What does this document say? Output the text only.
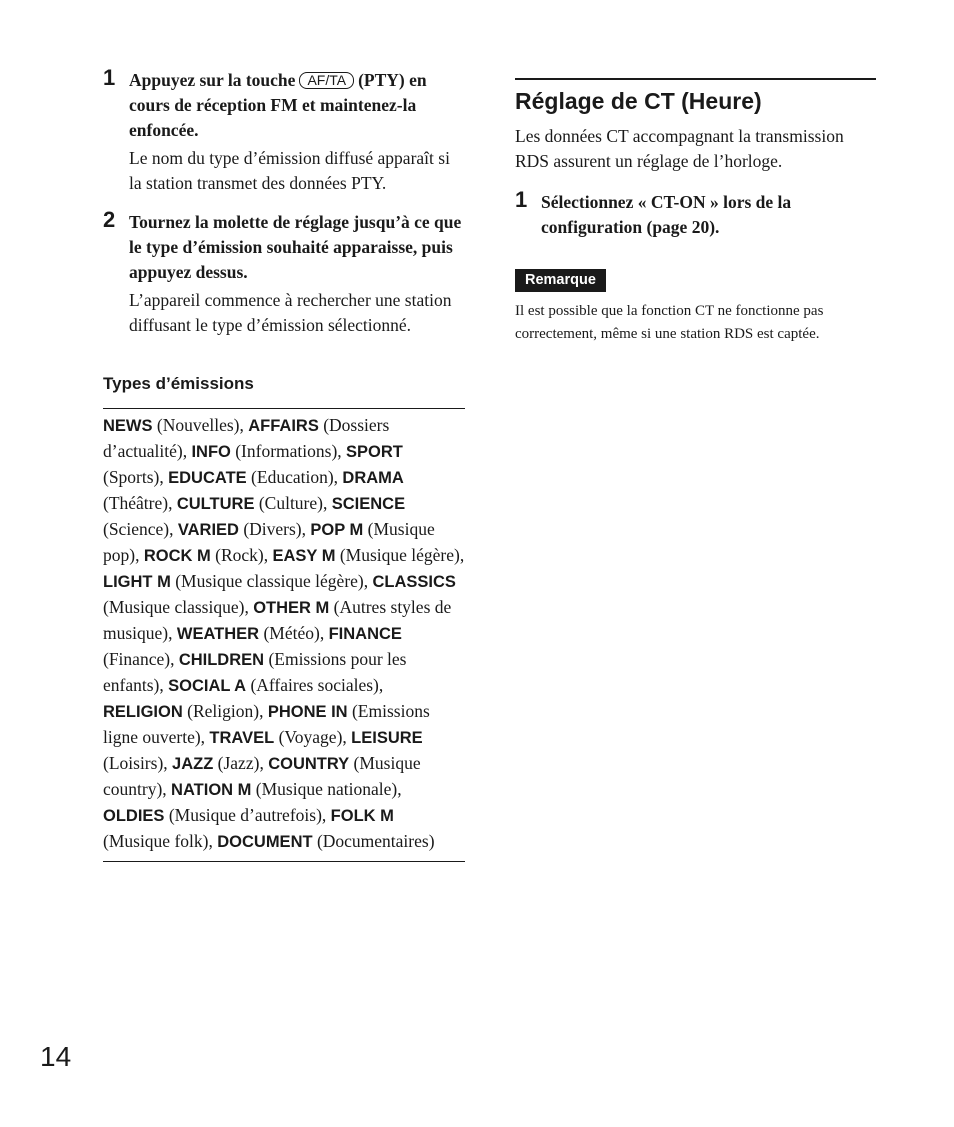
1 Appuyez sur la touche AF/TA (PTY) en cours de réception FM et maintenez-la enfoncée.

Le nom du type d’émission diffusé apparaît si la station transmet des données PTY.

2 Tournez la molette de réglage jusqu’à ce que le type d’émission souhaité apparaisse, puis appuyez dessus.

L’appareil commence à rechercher une station diffusant le type d’émission sélectionné.

Types d’émissions
NEWS (Nouvelles), AFFAIRS (Dossiers d’actualité), INFO (Informations), SPORT (Sports), EDUCATE (Education), DRAMA (Théâtre), CULTURE (Culture), SCIENCE (Science), VARIED (Divers), POP M (Musique pop), ROCK M (Rock), EASY M (Musique légère), LIGHT M (Musique classique légère), CLASSICS (Musique classique), OTHER M (Autres styles de musique), WEATHER (Météo), FINANCE (Finance), CHILDREN (Emissions pour les enfants), SOCIAL A (Affaires sociales), RELIGION (Religion), PHONE IN (Emissions ligne ouverte), TRAVEL (Voyage), LEISURE (Loisirs), JAZZ (Jazz), COUNTRY (Musique country), NATION M (Musique nationale), OLDIES (Musique d’autrefois), FOLK M (Musique folk), DOCUMENT (Documentaires)
Réglage de CT (Heure)

Les données CT accompagnant la transmission RDS assurent un réglage de l’horloge.

1 Sélectionnez « CT-ON » lors de la configuration (page 20).

Remarque

Il est possible que la fonction CT ne fonctionne pas correctement, même si une station RDS est captée.

14
